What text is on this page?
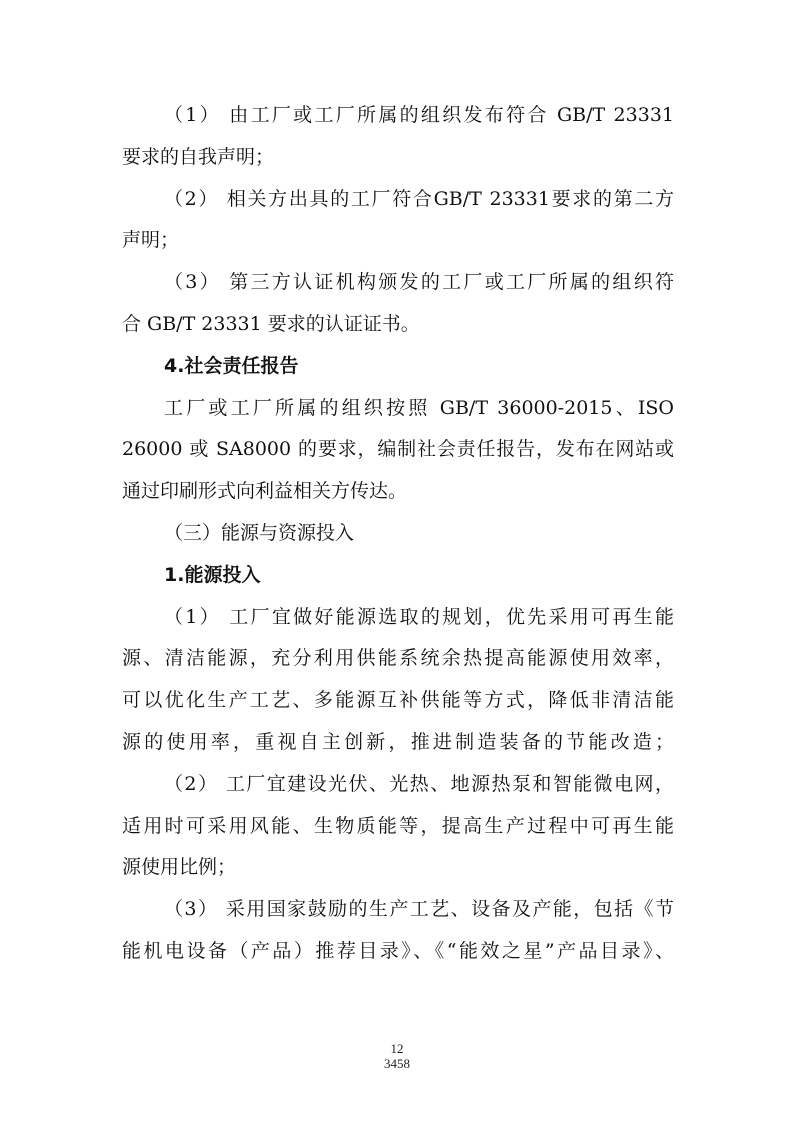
（1） 由工厂或工厂所属的组织发布符合 GB/T 23331
要求的自我声明；
（2） 相关方出具的工厂符合GB/T 23331要求的第二方
声明；
（3） 第三方认证机构颁发的工厂或工厂所属的组织符
合 GB/T 23331 要求的认证证书。
4.社会责任报告
工厂或工厂所属的组织按照 GB/T 36000-2015、ISO
26000 或 SA8000 的要求，编制社会责任报告，发布在网站或
通过印刷形式向利益相关方传达。
（三）能源与资源投入
1.能源投入
（1） 工厂宜做好能源选取的规划，优先采用可再生能
源、清洁能源，充分利用供能系统余热提高能源使用效率，
可以优化生产工艺、多能源互补供能等方式，降低非清洁能
源的使用率，重视自主创新，推进制造装备的节能改造；
（2） 工厂宜建设光伏、光热、地源热泵和智能微电网，
适用时可采用风能、生物质能等，提高生产过程中可再生能
源使用比例；
（3） 采用国家鼓励的生产工艺、设备及产能，包括《节
能机电设备（产品）推荐目录》、《“能效之星”产品目录》、
12
3458
